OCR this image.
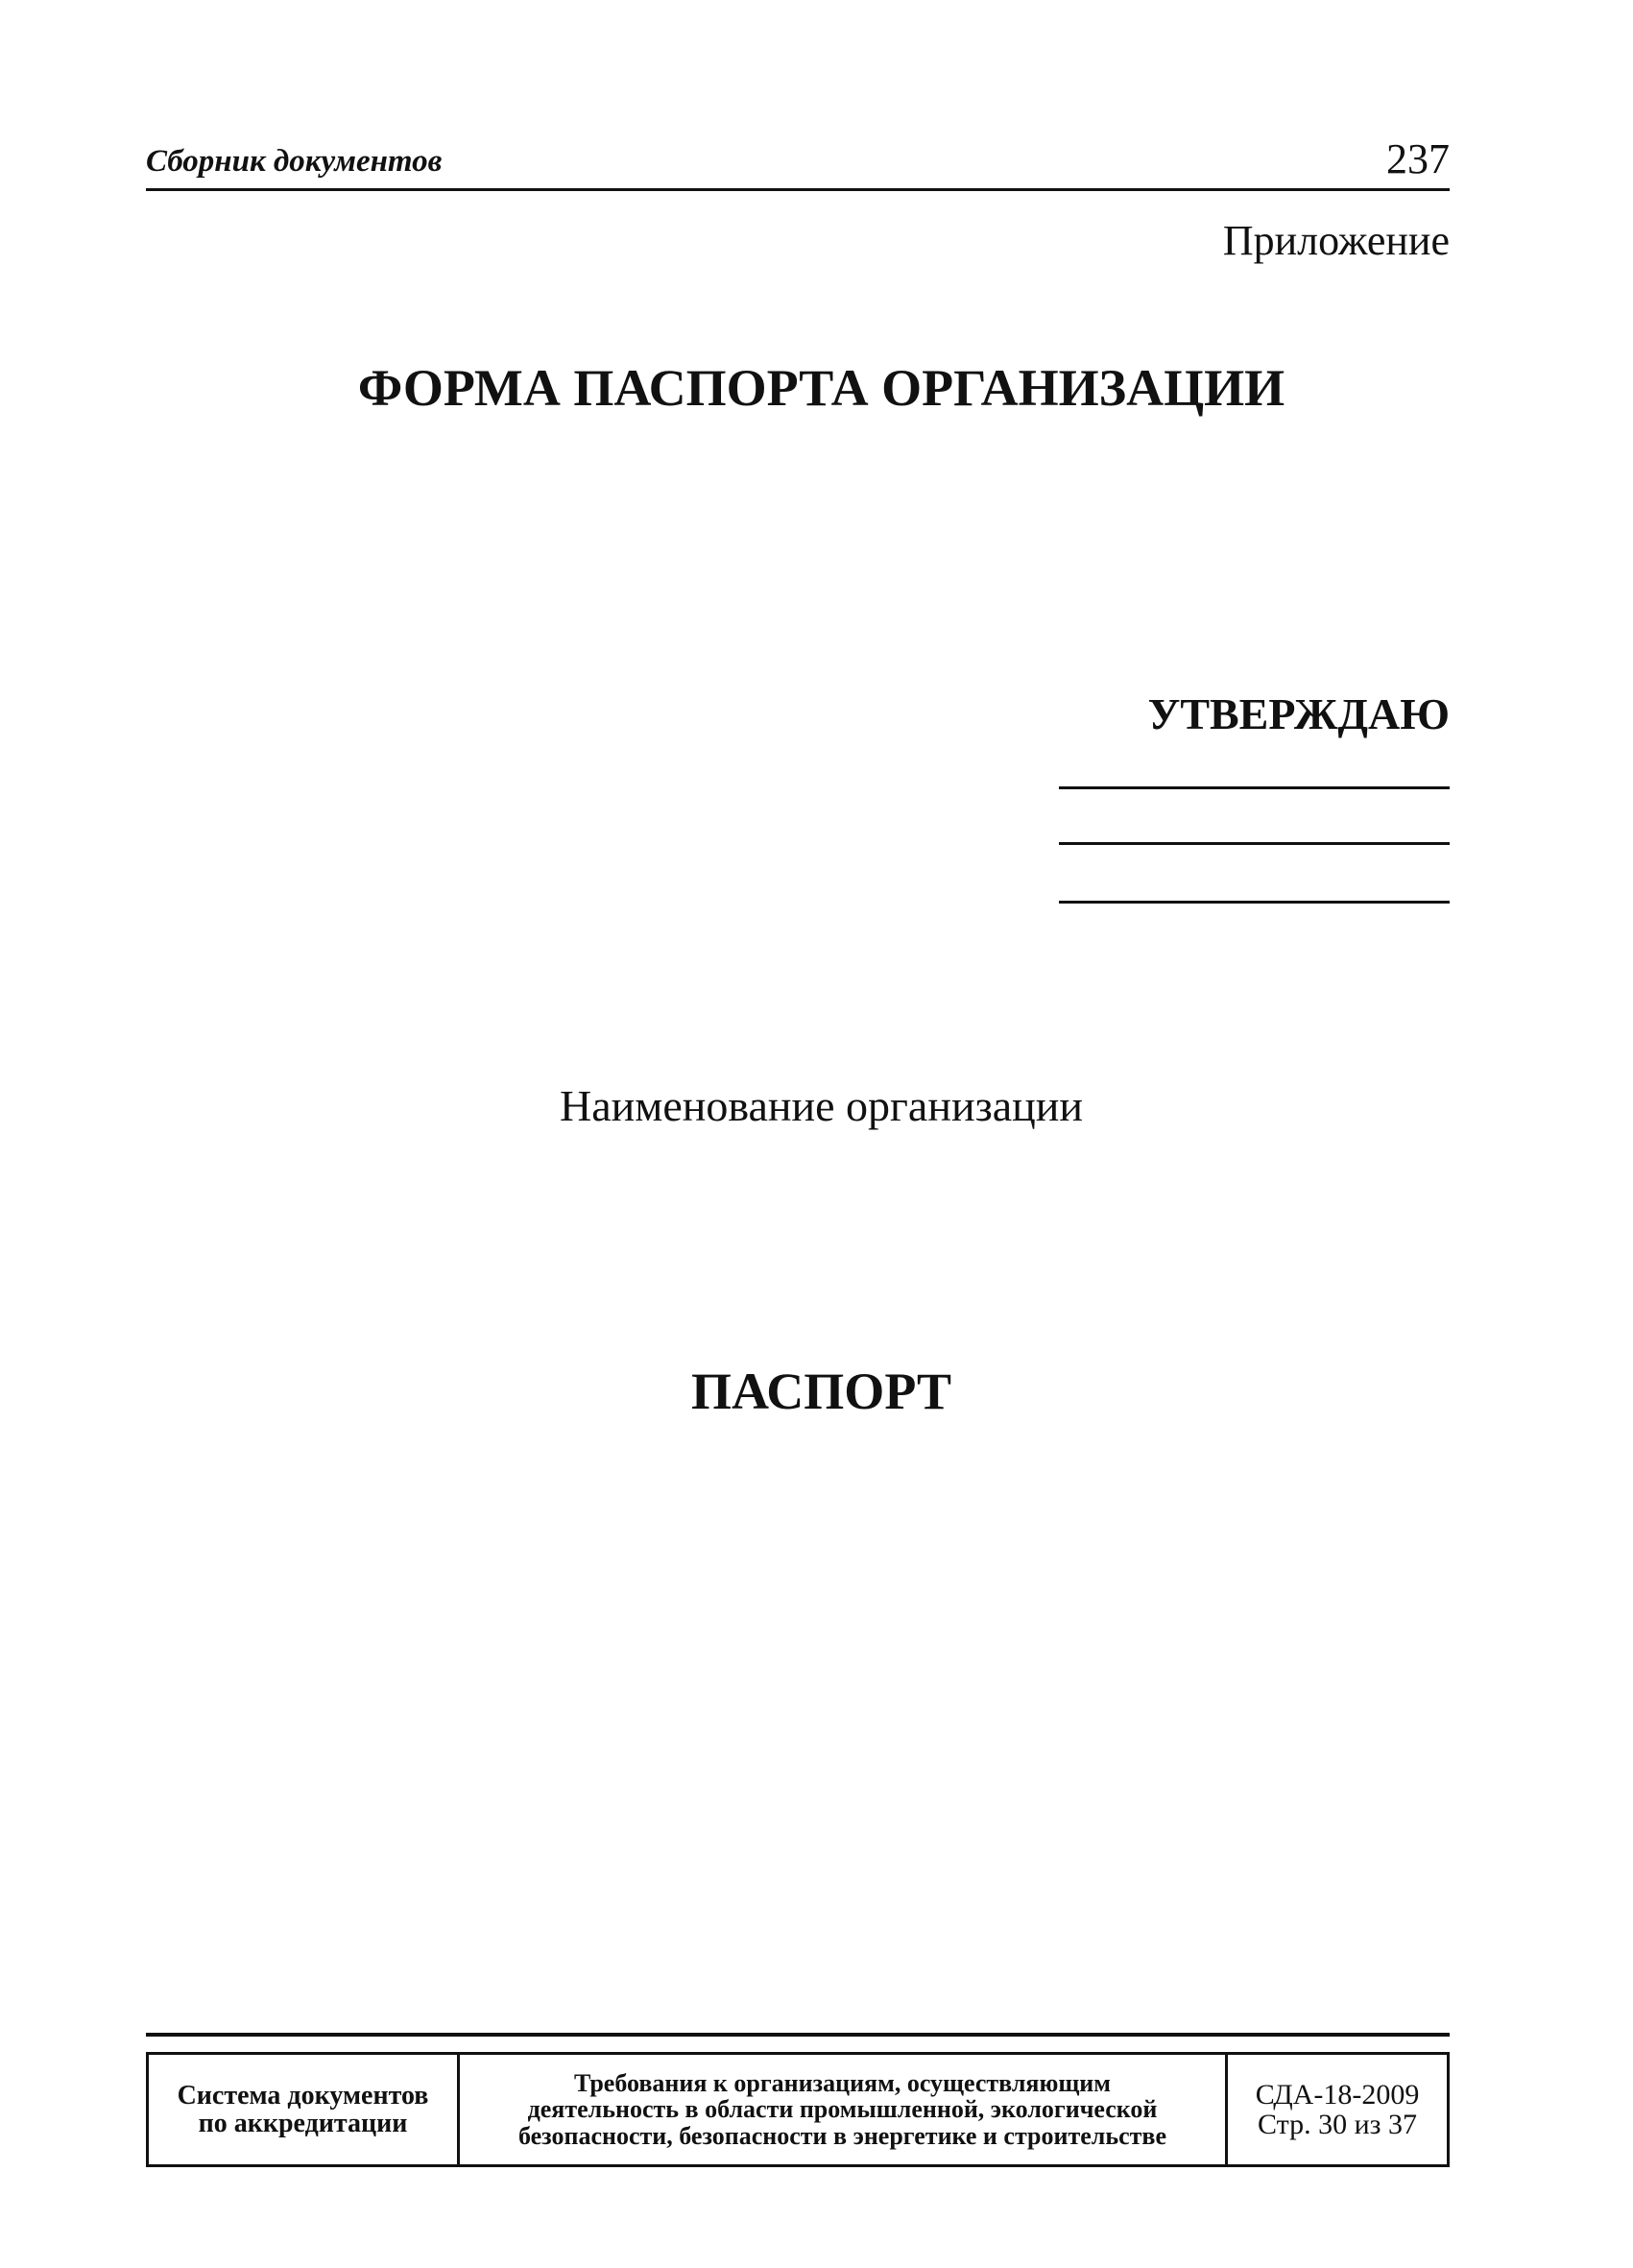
Сборник документов	237
Приложение
ФОРМА ПАСПОРТА ОРГАНИЗАЦИИ
УТВЕРЖДАЮ
Наименование организации
ПАСПОРТ
Система документов
по аккредитации
Требования к организациям, осуществляющим
деятельность в области промышленной, экологической
безопасности, безопасности в энергетике и строительстве
СДА-18-2009
Стр. 30 из 37
